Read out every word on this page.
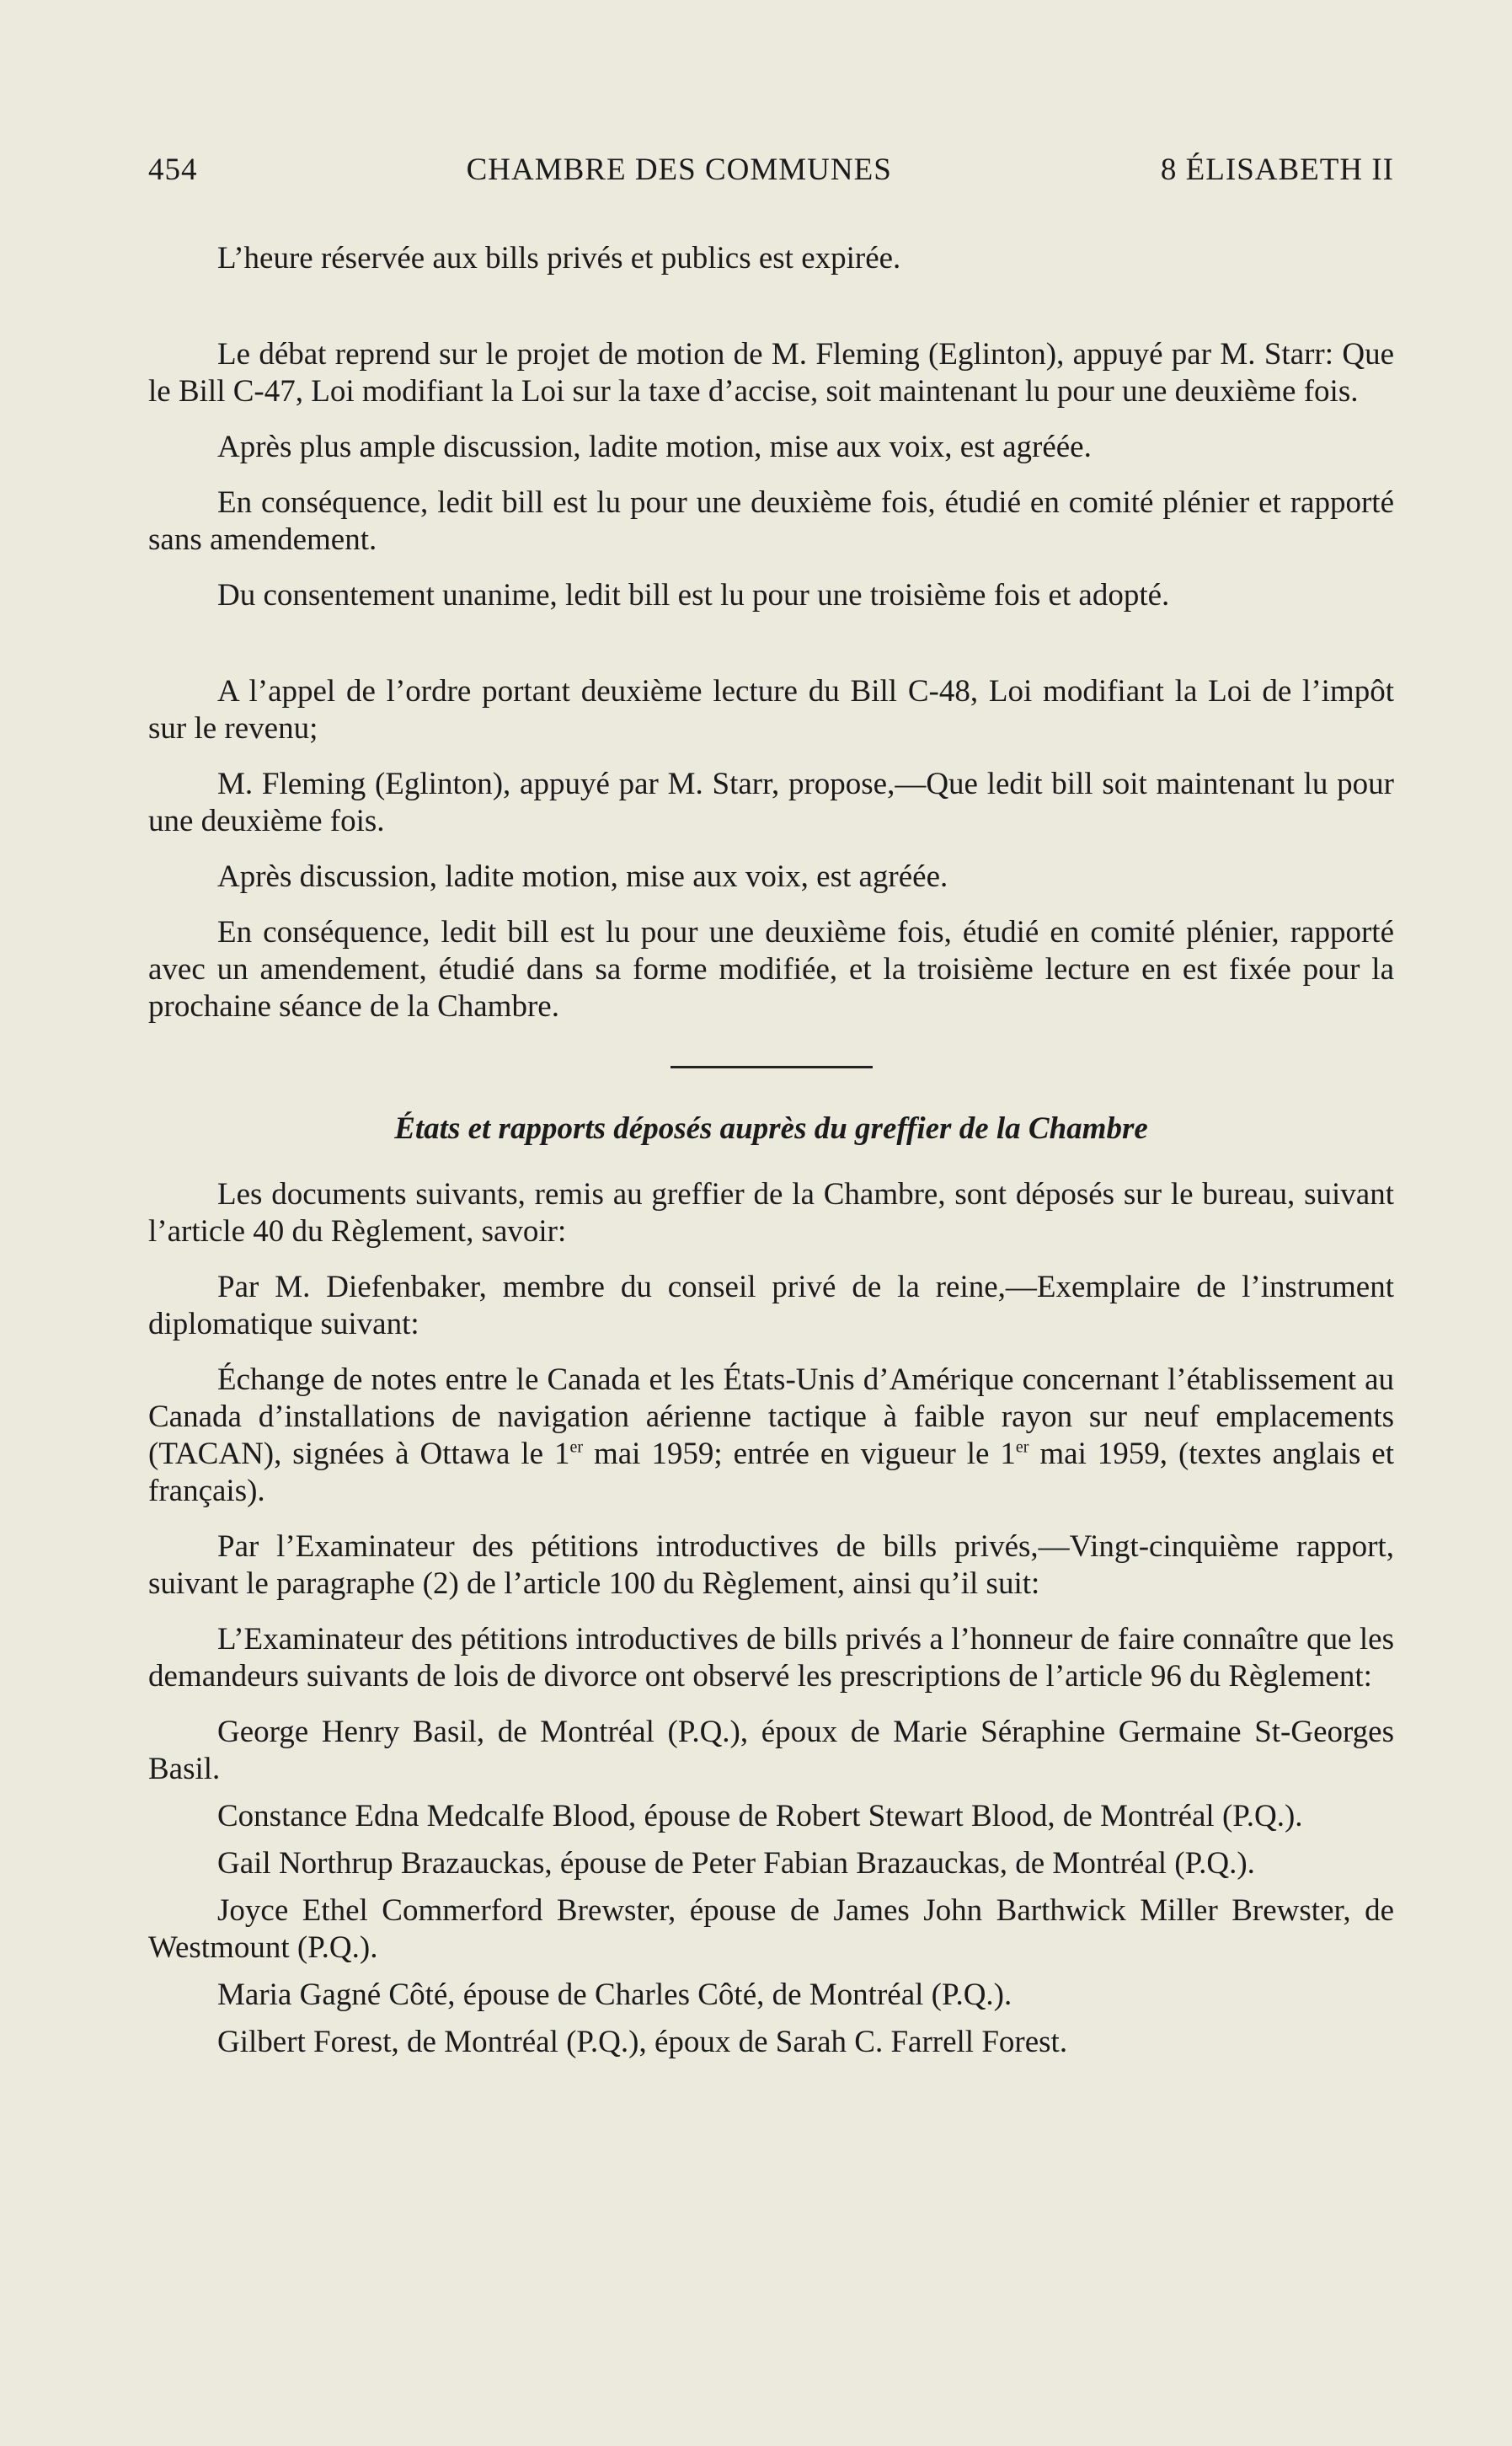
454	CHAMBRE DES COMMUNES	8 ÉLISABETH II

L’heure réservée aux bills privés et publics est expirée.

Le débat reprend sur le projet de motion de M. Fleming (Eglinton), appuyé par M. Starr: Que le Bill C-47, Loi modifiant la Loi sur la taxe d’accise, soit maintenant lu pour une deuxième fois.

Après plus ample discussion, ladite motion, mise aux voix, est agréée.

En conséquence, ledit bill est lu pour une deuxième fois, étudié en comité plénier et rapporté sans amendement.

Du consentement unanime, ledit bill est lu pour une troisième fois et adopté.

A l’appel de l’ordre portant deuxième lecture du Bill C-48, Loi modifiant la Loi de l’impôt sur le revenu;

M. Fleming (Eglinton), appuyé par M. Starr, propose,—Que ledit bill soit maintenant lu pour une deuxième fois.

Après discussion, ladite motion, mise aux voix, est agréée.

En conséquence, ledit bill est lu pour une deuxième fois, étudié en comité plénier, rapporté avec un amendement, étudié dans sa forme modifiée, et la troisième lecture en est fixée pour la prochaine séance de la Chambre.

États et rapports déposés auprès du greffier de la Chambre

Les documents suivants, remis au greffier de la Chambre, sont déposés sur le bureau, suivant l’article 40 du Règlement, savoir:

Par M. Diefenbaker, membre du conseil privé de la reine,—Exemplaire de l’instrument diplomatique suivant:

Échange de notes entre le Canada et les États-Unis d’Amérique concernant l’établissement au Canada d’installations de navigation aérienne tactique à faible rayon sur neuf emplacements (TACAN), signées à Ottawa le 1er mai 1959; entrée en vigueur le 1er mai 1959, (textes anglais et français).

Par l’Examinateur des pétitions introductives de bills privés,—Vingt-cinquième rapport, suivant le paragraphe (2) de l’article 100 du Règlement, ainsi qu’il suit:

L’Examinateur des pétitions introductives de bills privés a l’honneur de faire connaître que les demandeurs suivants de lois de divorce ont observé les prescriptions de l’article 96 du Règlement:

George Henry Basil, de Montréal (P.Q.), époux de Marie Séraphine Germaine St-Georges Basil.

Constance Edna Medcalfe Blood, épouse de Robert Stewart Blood, de Montréal (P.Q.).

Gail Northrup Brazauckas, épouse de Peter Fabian Brazauckas, de Montréal (P.Q.).

Joyce Ethel Commerford Brewster, épouse de James John Barthwick Miller Brewster, de Westmount (P.Q.).

Maria Gagné Côté, épouse de Charles Côté, de Montréal (P.Q.).

Gilbert Forest, de Montréal (P.Q.), époux de Sarah C. Farrell Forest.
